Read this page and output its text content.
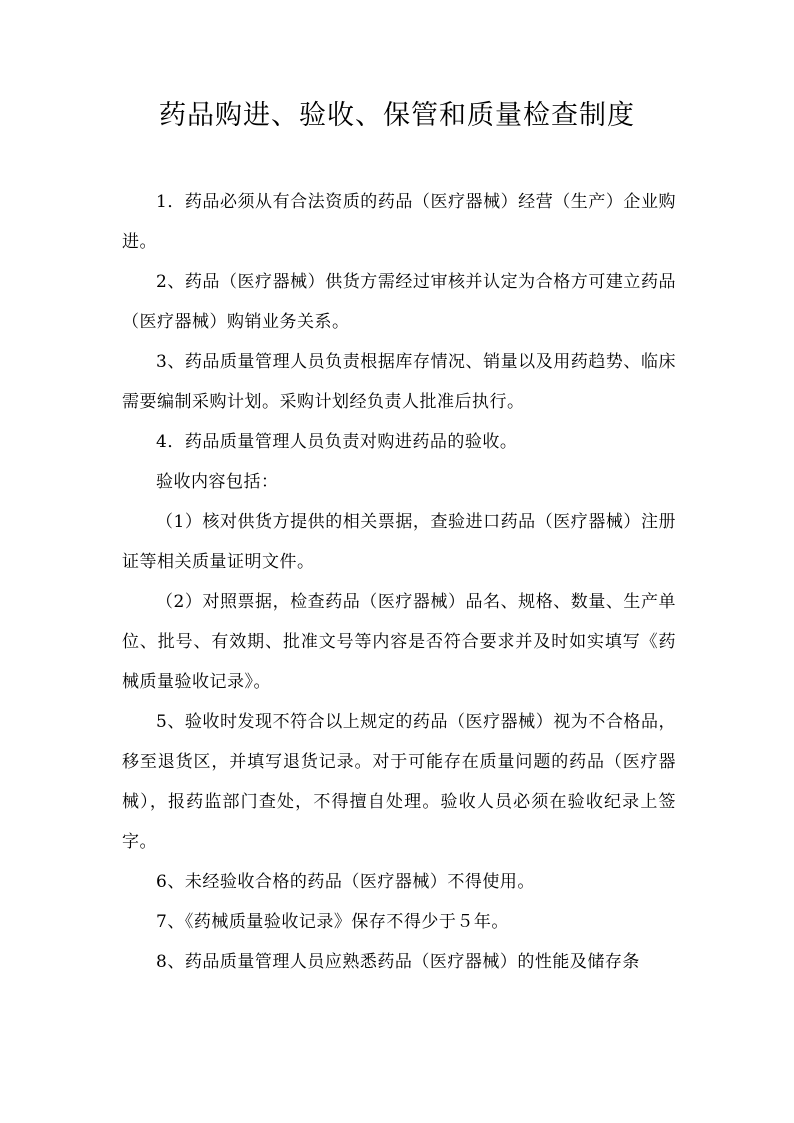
药品购进、验收、保管和质量检查制度

1．药品必须从有合法资质的药品（医疗器械）经营（生产）企业购进。

2、药品（医疗器械）供货方需经过审核并认定为合格方可建立药品（医疗器械）购销业务关系。

3、药品质量管理人员负责根据库存情况、销量以及用药趋势、临床需要编制采购计划。采购计划经负责人批准后执行。

4．药品质量管理人员负责对购进药品的验收。

验收内容包括：

（1）核对供货方提供的相关票据，查验进口药品（医疗器械）注册证等相关质量证明文件。

（2）对照票据，检查药品（医疗器械）品名、规格、数量、生产单位、批号、有效期、批准文号等内容是否符合要求并及时如实填写《药械质量验收记录》。

5、验收时发现不符合以上规定的药品（医疗器械）视为不合格品，移至退货区，并填写退货记录。对于可能存在质量问题的药品（医疗器械），报药监部门查处，不得擅自处理。验收人员必须在验收纪录上签字。

6、未经验收合格的药品（医疗器械）不得使用。

7、《药械质量验收记录》保存不得少于５年。

8、药品质量管理人员应熟悉药品（医疗器械）的性能及储存条
